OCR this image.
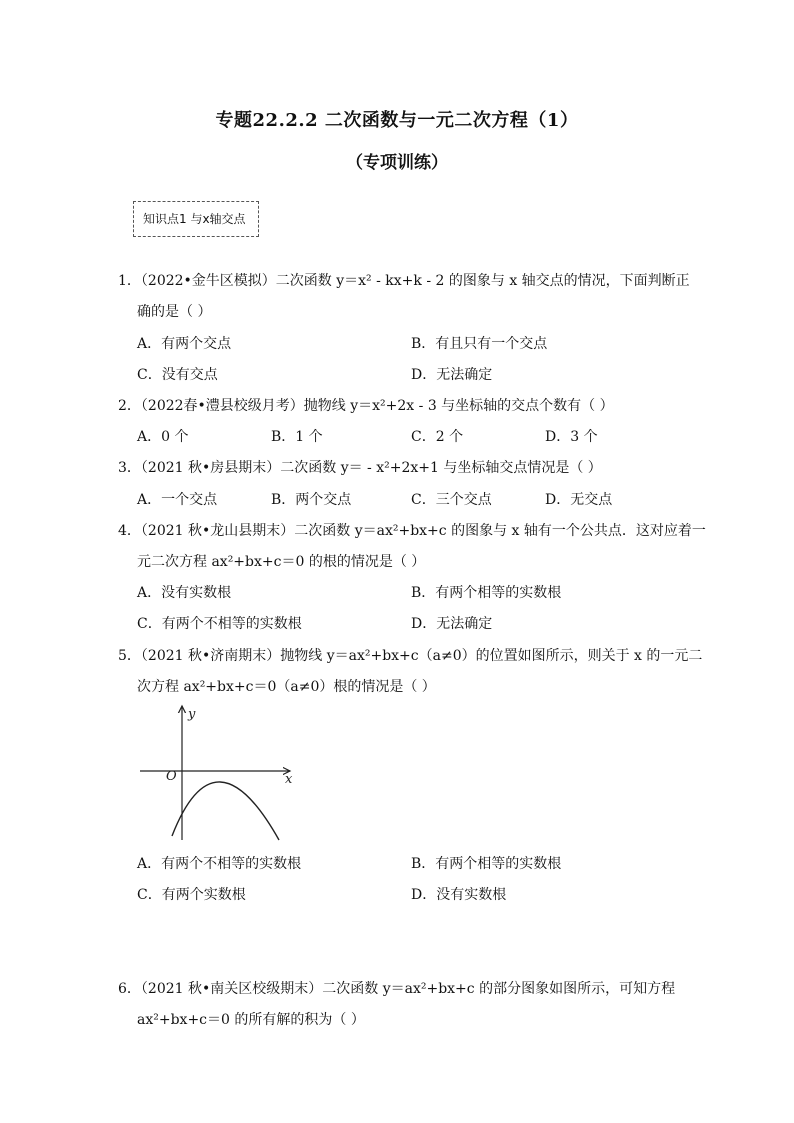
专题22.2.2 二次函数与一元二次方程（1）
（专项训练）
知识点1 与x轴交点
1．（2022•金牛区模拟）二次函数 y＝x² - kx+k - 2 的图象与 x 轴交点的情况，下面判断正
确的是（ ）
A．有两个交点	B．有且只有一个交点
C．没有交点	D．无法确定
2．（2022春•澧县校级月考）抛物线 y＝x²+2x - 3 与坐标轴的交点个数有（ ）
A．0 个	B．1 个	C．2 个	D．3 个
3．（2021 秋•房县期末）二次函数 y＝ - x²+2x+1 与坐标轴交点情况是（ ）
A．一个交点	B．两个交点	C．三个交点	D．无交点
4．（2021 秋•龙山县期末）二次函数 y＝ax²+bx+c 的图象与 x 轴有一个公共点．这对应着一
元二次方程 ax²+bx+c＝0 的根的情况是（ ）
A．没有实数根	B．有两个相等的实数根
C．有两个不相等的实数根	D．无法确定
5．（2021 秋•济南期末）抛物线 y＝ax²+bx+c（a≠0）的位置如图所示，则关于 x 的一元二
次方程 ax²+bx+c＝0（a≠0）根的情况是（ ）
y
x
O
A．有两个不相等的实数根	B．有两个相等的实数根
C．有两个实数根	D．没有实数根
6．（2021 秋•南关区校级期末）二次函数 y＝ax²+bx+c 的部分图象如图所示，可知方程
ax²+bx+c＝0 的所有解的积为（ ）
